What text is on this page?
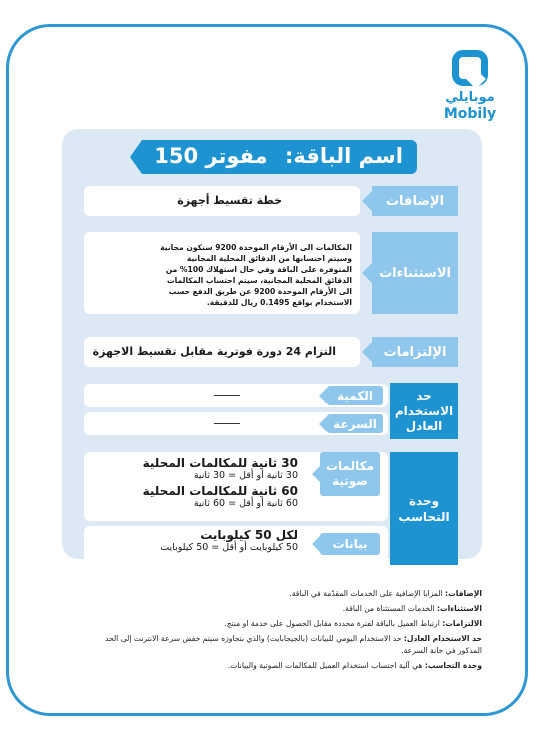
موبايلي
Mobily
اسم الباقة: مفوتر 150
الإضافات
خطة تقسيط أجهزة
الاستثناءات
المكالمات الى الأرقام الموحدة 9200 ستكون مجانية وسيتم احتسابها من الدقائق المحلية المجانية المتوفرة على الباقة وفي حال استهلاك 100% من الدقائق المحلية المجانية، سيتم احتساب المكالمات الى الأرقام الموحدة 9200 عن طريق الدفع حسب الاستخدام بواقع 0.1495 ريال للدقيقة.
الإلتزامات
التزام 24 دورة فوترية مقابل تقسيط الاجهزة
حد الاستخدام العادل
الكمية
السرعة
وحدة التحاسب
30 ثانية للمكالمات المحلية
30 ثانية أو أقل = 30 ثانية
60 ثانية للمكالمات المحلية
60 ثانية أو أقل = 60 ثانية
مكالمات صوتية
لكل 50 كيلوبايت
50 كيلوبايت أو أقل = 50 كيلوبايت	بيانات

الإضافات: المزايا الإضافية على الخدمات المقدّمة في الباقة.

الاستثناءات: الخدمات المستثناة من الباقة.

الالتزامات: ارتباط العميل بالباقة لفترة محددة مقابل الحصول على خدمة او منتج.

حد الاستخدام العادل: حد الاستخدام اليومي للبيانات (بالجيجابايت) والذي بتجاوزه سيتم خفض سرعة الانترنت إلى الحد المذكور في خانة السرعة.

وحدة التحاسب: هي آلية احتساب استخدام العميل للمكالمات الصوتية والبيانات.
